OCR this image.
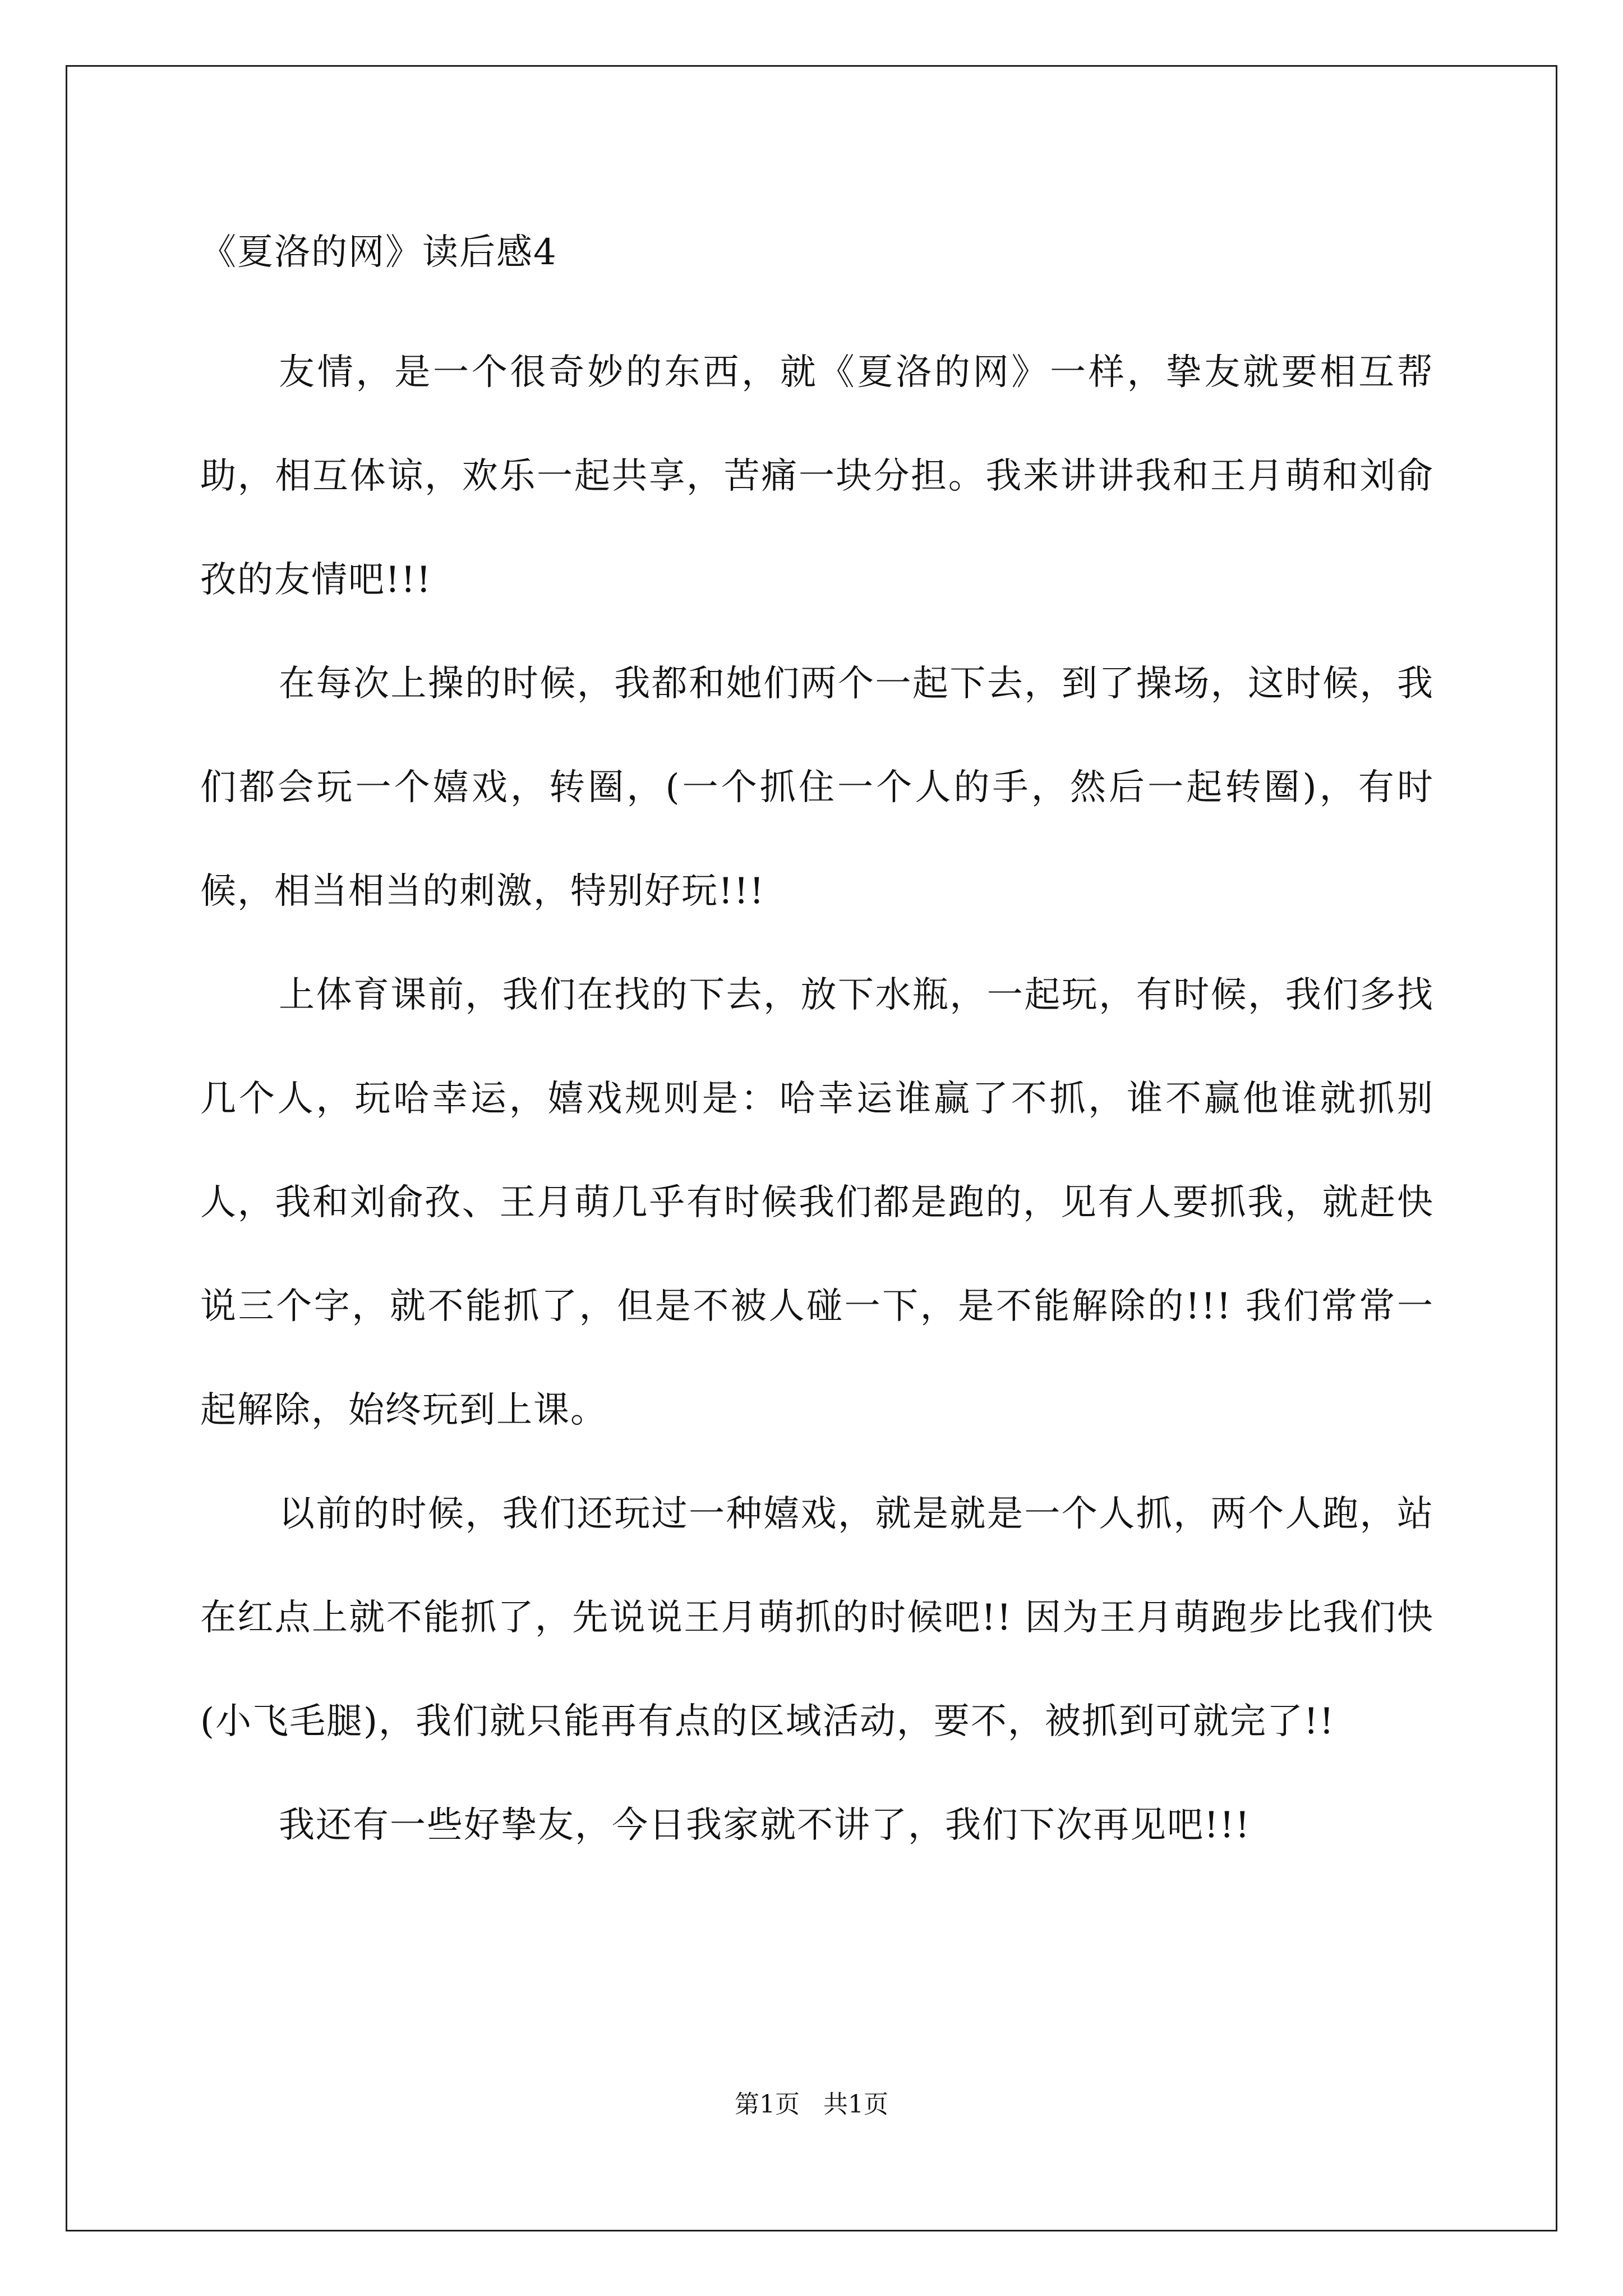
《夏洛的网》读后感4

友情，是一个很奇妙的东西，就《夏洛的网》一样，挚友就要相互帮助，相互体谅，欢乐一起共享，苦痛一块分担。我来讲讲我和王月萌和刘俞孜的友情吧!!!

在每次上操的时候，我都和她们两个一起下去，到了操场，这时候，我们都会玩一个嬉戏，转圈，(一个抓住一个人的手，然后一起转圈)，有时候，相当相当的刺激，特别好玩!!!

上体育课前，我们在找的下去，放下水瓶，一起玩，有时候，我们多找几个人，玩哈幸运，嬉戏规则是：哈幸运谁赢了不抓，谁不赢他谁就抓别人，我和刘俞孜、王月萌几乎有时候我们都是跑的，见有人要抓我，就赶快说三个字，就不能抓了，但是不被人碰一下，是不能解除的!!! 我们常常一起解除，始终玩到上课。

以前的时候，我们还玩过一种嬉戏，就是就是一个人抓，两个人跑，站在红点上就不能抓了，先说说王月萌抓的时候吧!! 因为王月萌跑步比我们快(小飞毛腿)，我们就只能再有点的区域活动，要不，被抓到可就完了!!

我还有一些好挚友，今日我家就不讲了，我们下次再见吧!!!

第1页   共1页
